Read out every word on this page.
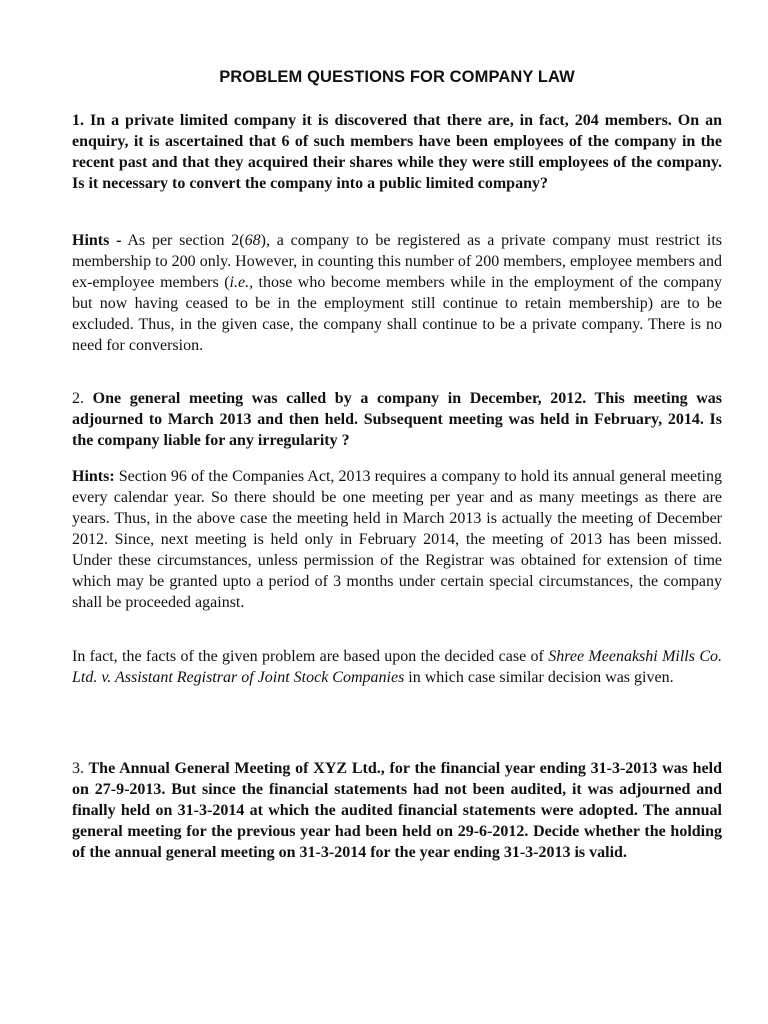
PROBLEM QUESTIONS FOR COMPANY LAW

1. In a private limited company it is discovered that there are, in fact, 204 members. On an enquiry, it is ascertained that 6 of such members have been employees of the company in the recent past and that they acquired their shares while they were still employees of the company. Is it necessary to convert the company into a public limited company?

Hints - As per section 2(68), a company to be registered as a private company must restrict its membership to 200 only. However, in counting this number of 200 members, employee members and ex-employee members (i.e., those who become members while in the employment of the company but now having ceased to be in the employment still continue to retain membership) are to be excluded. Thus, in the given case, the company shall continue to be a private company. There is no need for conversion.

2. One general meeting was called by a company in December, 2012. This meeting was adjourned to March 2013 and then held. Subsequent meeting was held in February, 2014. Is the company liable for any irregularity ?

Hints: Section 96 of the Companies Act, 2013 requires a company to hold its annual general meeting every calendar year. So there should be one meeting per year and as many meetings as there are years. Thus, in the above case the meeting held in March 2013 is actually the meeting of December 2012. Since, next meeting is held only in February 2014, the meeting of 2013 has been missed. Under these circumstances, unless permission of the Registrar was obtained for extension of time which may be granted upto a period of 3 months under certain special circumstances, the company shall be proceeded against.

In fact, the facts of the given problem are based upon the decided case of Shree Meenakshi Mills Co. Ltd. v. Assistant Registrar of Joint Stock Companies in which case similar decision was given.

3. The Annual General Meeting of XYZ Ltd., for the financial year ending 31-3-2013 was held on 27-9-2013. But since the financial statements had not been audited, it was adjourned and finally held on 31-3-2014 at which the audited financial statements were adopted. The annual general meeting for the previous year had been held on 29-6-2012. Decide whether the holding of the annual general meeting on 31-3-2014 for the year ending 31-3-2013 is valid.
